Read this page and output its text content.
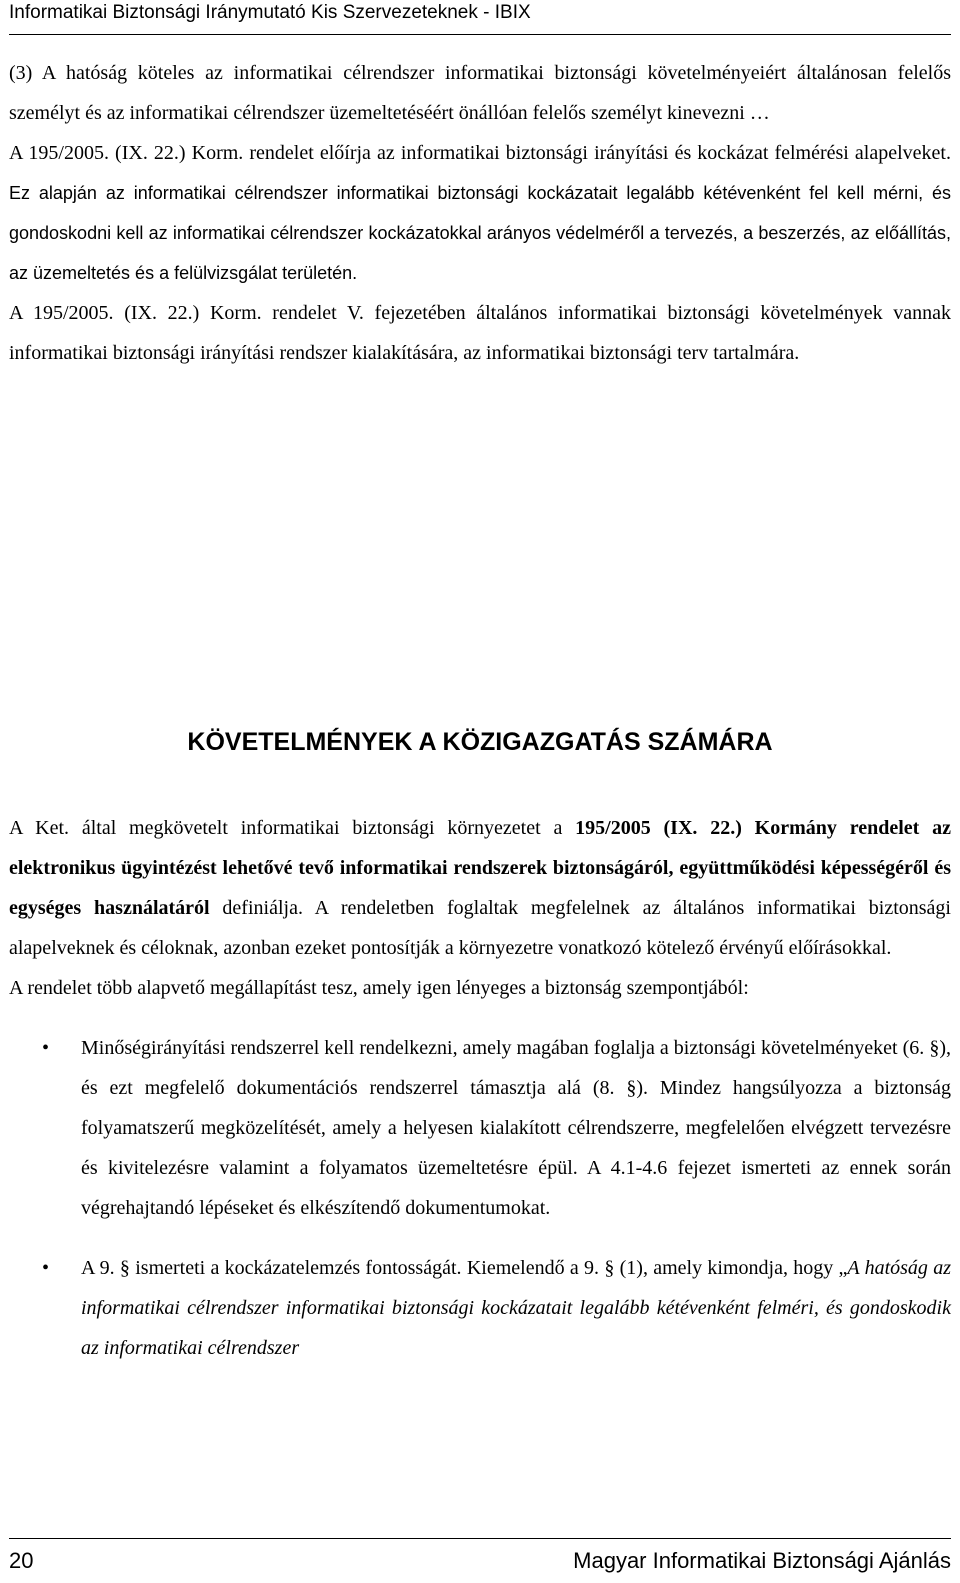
Informatikai Biztonsági Iránymutató Kis Szervezeteknek - IBIX

(3) A hatóság köteles az informatikai célrendszer informatikai biztonsági követelményeiért általánosan felelős személyt és az informatikai célrendszer üzemeltetéséért önállóan felelős személyt kinevezni …

A 195/2005. (IX. 22.) Korm. rendelet előírja az informatikai biztonsági irányítási és kockázat felmérési alapelveket. Ez alapján az informatikai célrendszer informatikai biztonsági kockázatait legalább kétévenként fel kell mérni, és gondoskodni kell az informatikai célrendszer kockázatokkal arányos védelméről a tervezés, a beszerzés, az előállítás, az üzemeltetés és a felülvizsgálat területén.

A 195/2005. (IX. 22.) Korm. rendelet V. fejezetében általános informatikai biztonsági követelmények vannak informatikai biztonsági irányítási rendszer kialakítására, az informatikai biztonsági terv tartalmára.

KÖVETELMÉNYEK A KÖZIGAZGATÁS SZÁMÁRA

A Ket. által megkövetelt informatikai biztonsági környezetet a 195/2005 (IX. 22.) Kormány rendelet az elektronikus ügyintézést lehetővé tevő informatikai rendszerek biztonságáról, együttműködési képességéről és egységes használatáról definiálja. A rendeletben foglaltak megfelelnek az általános informatikai biztonsági alapelveknek és céloknak, azonban ezeket pontosítják a környezetre vonatkozó kötelező érvényű előírásokkal.

A rendelet több alapvető megállapítást tesz, amely igen lényeges a biztonság szempontjából:

• Minőségirányítási rendszerrel kell rendelkezni, amely magában foglalja a biztonsági követelményeket (6. §), és ezt megfelelő dokumentációs rendszerrel támasztja alá (8. §). Mindez hangsúlyozza a biztonság folyamatszerű megközelítését, amely a helyesen kialakított célrendszerre, megfelelően elvégzett tervezésre és kivitelezésre valamint a folyamatos üzemeltetésre épül. A 4.1-4.6 fejezet ismerteti az ennek során végrehajtandó lépéseket és elkészítendő dokumentumokat.
• A 9. § ismerteti a kockázatelemzés fontosságát. Kiemelendő a 9. § (1), amely kimondja, hogy „A hatóság az informatikai célrendszer informatikai biztonsági kockázatait legalább kétévenként felméri, és gondoskodik az informatikai célrendszer
20	Magyar Informatikai Biztonsági Ajánlás
